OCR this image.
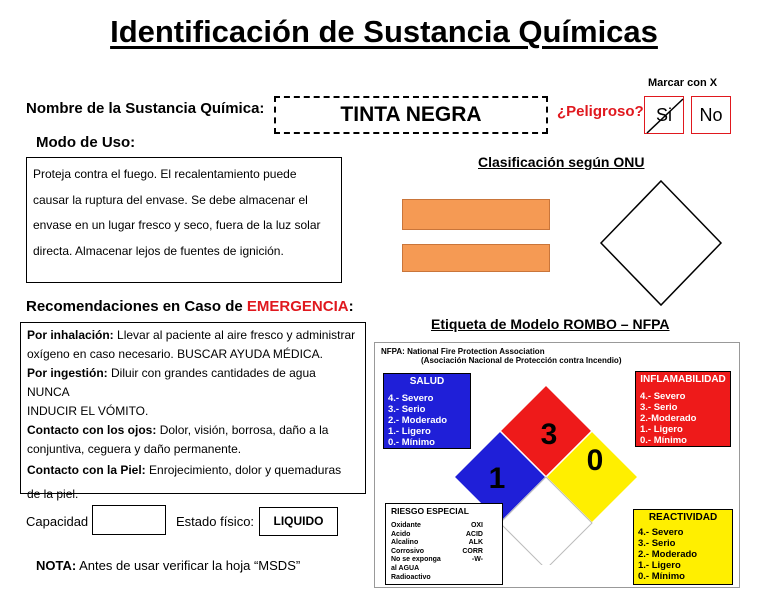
Identificación de Sustancia Químicas
Marcar con X
Nombre de la Sustancia Química:	TINTA NEGRA	¿Peligroso? Si	No
Modo de Uso:
Proteja contra el fuego. El recalentamiento puede
causar la ruptura del envase. Se debe almacenar el
envase en un lugar fresco y seco, fuera de la luz solar
directa. Almacenar lejos de fuentes de ignición.
Clasificación según ONU
Recomendaciones en Caso de EMERGENCIA:
Por inhalación: Llevar al paciente al aire fresco y administrar
oxígeno en caso necesario. BUSCAR AYUDA MÉDICA.
Por ingestión: Diluir con grandes cantidades de agua NUNCA
INDUCIR EL VÓMITO.
Contacto con los ojos: Dolor, visión, borrosa, daño a la
conjuntiva, ceguera y daño permanente.
Contacto con la Piel: Enrojecimiento, dolor y quemaduras
de la piel.
Capacidad	Estado físico:	LIQUIDO
NOTA: Antes de usar verificar la hoja “MSDS”
Etiqueta de Modelo ROMBO – NFPA
NFPA: National Fire Protection Association
(Asociación Nacional de Protección contra Incendio)
SALUD
4.- Severo
3.- Serio
2.- Moderado
1.- Ligero
0.- Mínimo
INFLAMABILIDAD
4.- Severo
3.- Serio
2.-Moderado
1.- Ligero
0.- Mínimo
3
1
0
RIESGO ESPECIAL
Oxidante	OXI
Acido	ACID
Alcalino	ALK
Corrosivo	CORR
No se exponga	-W-
al AGUA
Radioactivo
REACTIVIDAD
4.- Severo
3.- Serio
2.- Moderado
1.- Ligero
0.- Mínimo
